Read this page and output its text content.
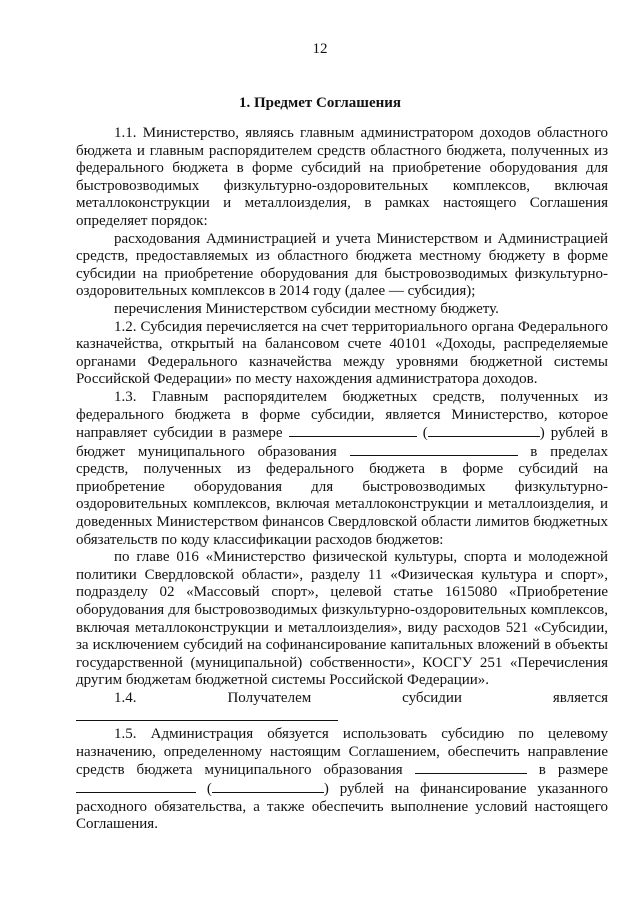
12
1. Предмет Соглашения

1.1. Министерство, являясь главным администратором доходов областного бюджета и главным распорядителем средств областного бюджета, полученных из федерального бюджета в форме субсидий на приобретение оборудования для быстровозводимых физкультурно-оздоровительных комплексов, включая металлоконструкции и металлоизделия, в рамках настоящего Соглашения определяет порядок:

расходования Администрацией и учета Министерством и Администрацией средств, предоставляемых из областного бюджета местному бюджету в форме субсидии на приобретение оборудования для быстровозводимых физкультурно-оздоровительных комплексов в 2014 году (далее — субсидия);

перечисления Министерством субсидии местному бюджету.

1.2. Субсидия перечисляется на счет территориального органа Федерального казначейства, открытый на балансовом счете 40101 «Доходы, распределяемые органами Федерального казначейства между уровнями бюджетной системы Российской Федерации» по месту нахождения администратора доходов.

1.3. Главным распорядителем бюджетных средств, полученных из федерального бюджета в форме субсидии, является Министерство, которое направляет субсидии в размере	(	) рублей в бюджет муниципального образования	в пределах средств, полученных из федерального бюджета в форме субсидий на приобретение оборудования для быстровозводимых физкультурно-оздоровительных комплексов, включая металлоконструкции и металлоизделия, и доведенных Министерством финансов Свердловской области лимитов бюджетных обязательств по коду классификации расходов бюджетов:

по главе 016 «Министерство физической культуры, спорта и молодежной политики Свердловской области», разделу 11 «Физическая культура и спорт», подразделу 02 «Массовый спорт», целевой статье 1615080 «Приобретение оборудования для быстровозводимых физкультурно-оздоровительных комплексов, включая металлоконструкции и металлоизделия», виду расходов 521 «Субсидии, за исключением субсидий на софинансирование капитальных вложений в объекты государственной (муниципальной) собственности», КОСГУ 251 «Перечисления другим бюджетам бюджетной системы Российской Федерации».

1.4. Получателем субсидии является

1.5. Администрация обязуется использовать субсидию по целевому назначению, определенному настоящим Соглашением, обеспечить направление средств бюджета муниципального образования	в размере  (	) рублей на финансирование указанного расходного обязательства, а также обеспечить выполнение условий настоящего Соглашения.
